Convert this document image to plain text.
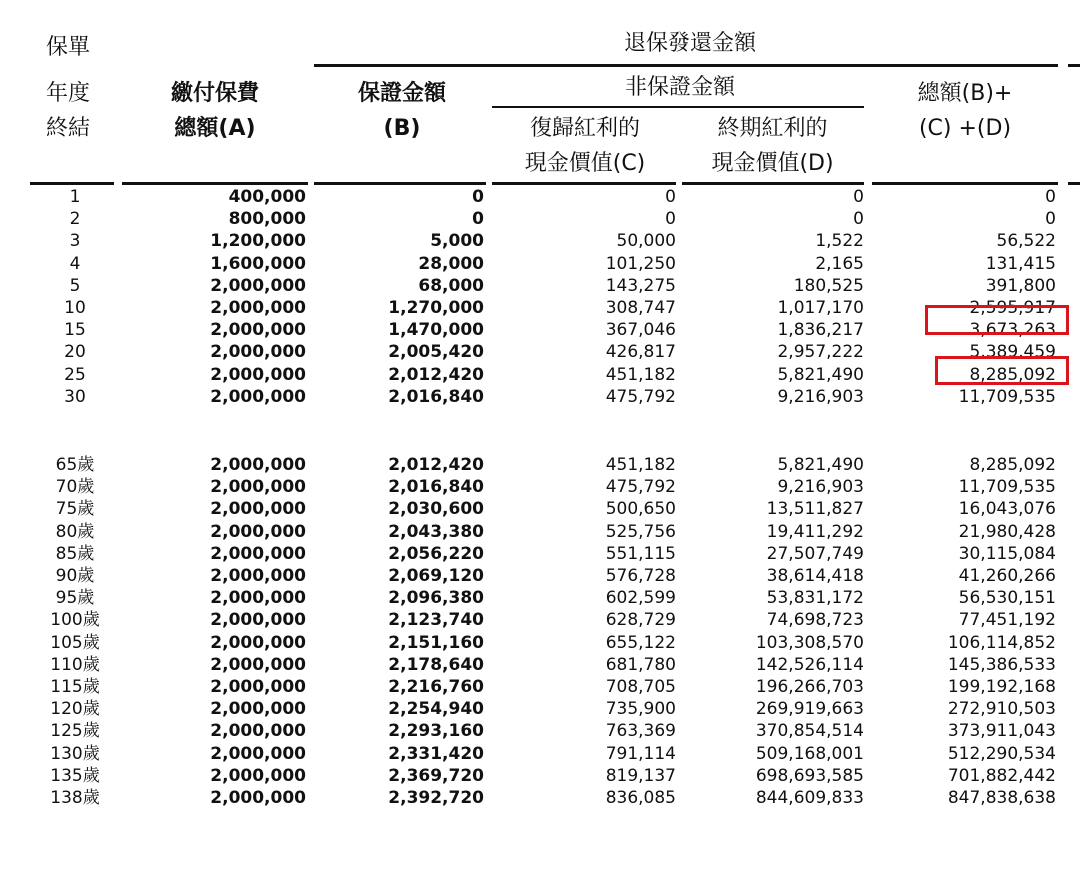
保單
年度
終結
繳付保費
總額(A)
保證金額
(B)
退保發還金額
非保證金額
復歸紅利的
現金價值(C)
終期紅利的
現金價值(D)
總額(B)+
(C) +(D)
1	400,000	0	0	0	0
2	800,000	0	0	0	0
3	1,200,000	5,000	50,000	1,522	56,522
4	1,600,000	28,000	101,250	2,165	131,415
5	2,000,000	68,000	143,275	180,525	391,800
10	2,000,000	1,270,000	308,747	1,017,170	2,595,917
15	2,000,000	1,470,000	367,046	1,836,217	3,673,263
20	2,000,000	2,005,420	426,817	2,957,222	5,389,459
25	2,000,000	2,012,420	451,182	5,821,490	8,285,092
30	2,000,000	2,016,840	475,792	9,216,903	11,709,535
65歲	2,000,000	2,012,420	451,182	5,821,490	8,285,092
70歲	2,000,000	2,016,840	475,792	9,216,903	11,709,535
75歲	2,000,000	2,030,600	500,650	13,511,827	16,043,076
80歲	2,000,000	2,043,380	525,756	19,411,292	21,980,428
85歲	2,000,000	2,056,220	551,115	27,507,749	30,115,084
90歲	2,000,000	2,069,120	576,728	38,614,418	41,260,266
95歲	2,000,000	2,096,380	602,599	53,831,172	56,530,151
100歲	2,000,000	2,123,740	628,729	74,698,723	77,451,192
105歲	2,000,000	2,151,160	655,122	103,308,570	106,114,852
110歲	2,000,000	2,178,640	681,780	142,526,114	145,386,533
115歲	2,000,000	2,216,760	708,705	196,266,703	199,192,168
120歲	2,000,000	2,254,940	735,900	269,919,663	272,910,503
125歲	2,000,000	2,293,160	763,369	370,854,514	373,911,043
130歲	2,000,000	2,331,420	791,114	509,168,001	512,290,534
135歲	2,000,000	2,369,720	819,137	698,693,585	701,882,442
138歲	2,000,000	2,392,720	836,085	844,609,833	847,838,638
